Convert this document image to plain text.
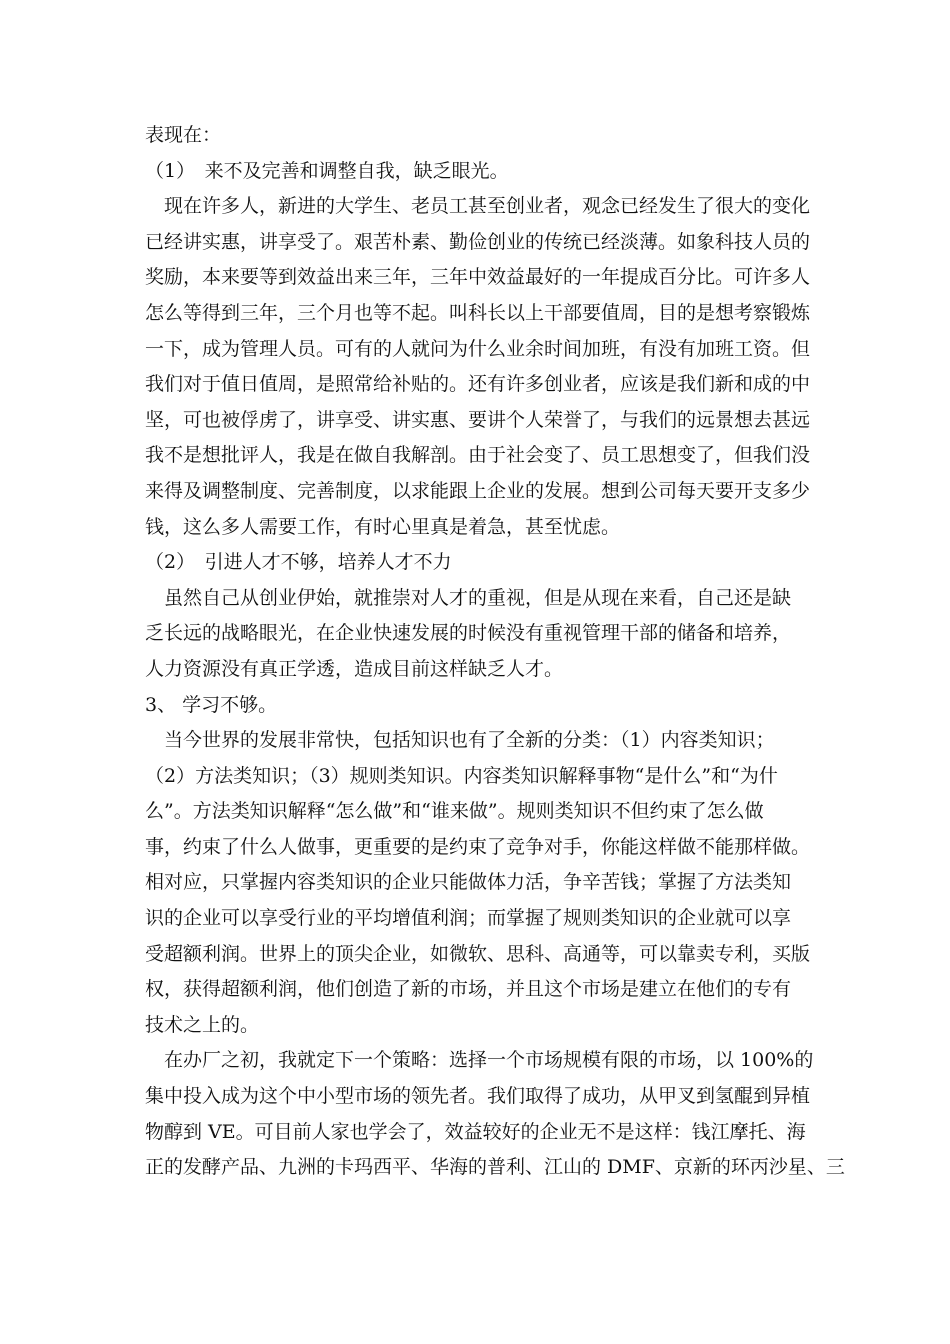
表现在：
（1）　来不及完善和调整自我，缺乏眼光。
　现在许多人，新进的大学生、老员工甚至创业者，观念已经发生了很大的变化
已经讲实惠，讲享受了。艰苦朴素、勤俭创业的传统已经淡薄。如象科技人员的
奖励，本来要等到效益出来三年，三年中效益最好的一年提成百分比。可许多人
怎么等得到三年，三个月也等不起。叫科长以上干部要值周，目的是想考察锻炼
一下，成为管理人员。可有的人就问为什么业余时间加班，有没有加班工资。但
我们对于值日值周，是照常给补贴的。还有许多创业者，应该是我们新和成的中
坚，可也被俘虏了，讲享受、讲实惠、要讲个人荣誉了，与我们的远景想去甚远
我不是想批评人，我是在做自我解剖。由于社会变了、员工思想变了，但我们没
来得及调整制度、完善制度，以求能跟上企业的发展。想到公司每天要开支多少
钱，这么多人需要工作，有时心里真是着急，甚至忧虑。
（2）　引进人才不够，培养人才不力
　虽然自己从创业伊始，就推崇对人才的重视，但是从现在来看，自己还是缺
乏长远的战略眼光，在企业快速发展的时候没有重视管理干部的储备和培养，
人力资源没有真正学透，造成目前这样缺乏人才。
3、 学习不够。
　当今世界的发展非常快，包括知识也有了全新的分类：（1）内容类知识；
（2）方法类知识；（3）规则类知识。内容类知识解释事物“是什么”和“为什
么”。方法类知识解释“怎么做”和“谁来做”。规则类知识不但约束了怎么做
事，约束了什么人做事，更重要的是约束了竞争对手，你能这样做不能那样做。
相对应，只掌握内容类知识的企业只能做体力活，争辛苦钱；掌握了方法类知
识的企业可以享受行业的平均增值利润；而掌握了规则类知识的企业就可以享
受超额利润。世界上的顶尖企业，如微软、思科、高通等，可以靠卖专利，买版
权，获得超额利润，他们创造了新的市场，并且这个市场是建立在他们的专有
技术之上的。
　在办厂之初，我就定下一个策略：选择一个市场规模有限的市场，以 100%的
集中投入成为这个中小型市场的领先者。我们取得了成功，从甲叉到氢醌到异植
物醇到 VE。可目前人家也学会了，效益较好的企业无不是这样：钱江摩托、海
正的发酵产品、九洲的卡玛西平、华海的普利、江山的 DMF、京新的环丙沙星、三
